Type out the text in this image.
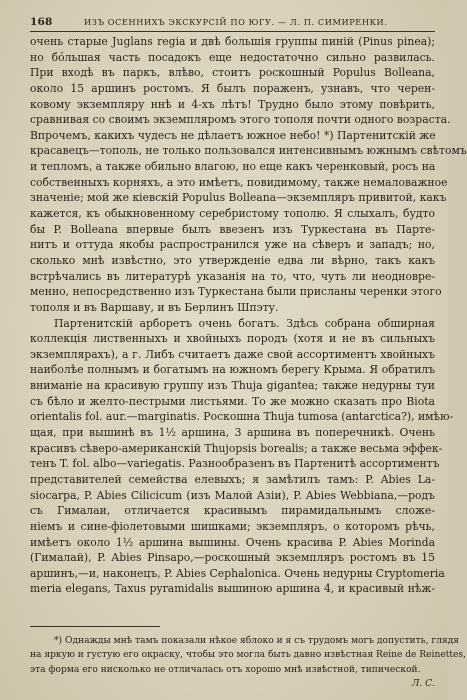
168	ИЗЪ ОСЕННИХЪ ЭКСКУРСІЙ ПО ЮГУ. — Л. П. СИМИРЕНКИ.
очень старые Juglans regia и двѣ большія группы пиній (Pinus pinea);
но бóльшая часть посадокъ еще недостаточно сильно развилась.
При входѣ въ паркъ, влѣво, стоитъ роскошный Populus Bolleana,
около 15 аршинъ ростомъ. Я былъ пораженъ, узнавъ, что черен-
ковому экземпляру ннѣ и 4-хъ лѣтъ! Трудно было этому повѣрить,
сравнивая со своимъ экземпляромъ этого тополя почти одного возраста.
Впрочемъ, какихъ чудесъ не дѣлаетъ южное небо! *) Партенитскій же
красавецъ—тополь, не только пользовался интенсивнымъ южнымъ свѣтомъ
и тепломъ, а также обильно влагою, но еще какъ черенковый, росъ на
собственныхъ корняхъ, а это имѣетъ, повидимому, также немаловажное
значеніе; мой же кіевскій Populus Bolleana—экземпляръ привитой, какъ
кажется, къ обыкновенному серебристому тополю. Я слыхалъ, будто
бы P. Bolleana впервые былъ ввезенъ изъ Туркестана въ Парте-
нитъ и оттуда якобы распространился уже на сѣверъ и западъ; но,
сколько мнѣ извѣстно, это утвержденіе едва ли вѣрно, такъ какъ
встрѣчались въ литературѣ указанія на то, что, чуть ли неодновре-
менно, непосредственно изъ Туркестана были присланы черенки этого
тополя и въ Варшаву, и въ Берлинъ Шпэту.
Партенитскій арборетъ очень богатъ. Здѣсь собрана обширная
коллекція лиственныхъ и хвойныхъ породъ (хотя и не въ сильныхъ
экземплярахъ), а г. Либъ считаетъ даже свой ассортиментъ хвойныхъ
наиболѣе полнымъ и богатымъ на южномъ берегу Крыма. Я обратилъ
вниманіе на красивую группу изъ Thuja gigantea; также недурны туи
съ бѣло и желто-пестрыми листьями. То же можно сказать про Biota
orientalis fol. aur.—marginatis. Роскошна Thuja tumosa (antarctica?), имѣю-
щая, при вышинѣ въ 1½ аршина, 3 аршина въ поперечникѣ. Очень
красивъ сѣверо-американскій Thujopsis borealis; а также весьма эффек-
тенъ T. fol. albo—variegatis. Разнообразенъ въ Партенитѣ ассортиментъ
представителей семейства елевыхъ; я замѣтилъ тамъ: P. Abies La-
siocarpa, P. Abies Cilicicum (изъ Малой Азіи), P. Abies Webbiana,—родъ
съ Гималаи, отличается красивымъ пирамидальнымъ сложе-
ніемъ и сине-фіолетовыми шишками; экземпляръ, о которомъ рѣчь,
имѣетъ около 1½ аршина вышины. Очень красива P. Abies Morinda
(Гималай), P. Abies Pinsapo,—роскошный экземпляръ ростомъ въ 15
аршинъ,—и, наконецъ, P. Abies Cephalonica. Очень недурны Cryptomeria
meria elegans, Taxus pyramidalis вышиною аршина 4, и красивый нѣж-
*) Однажды мнѣ тамъ показали нѣкое яблоко и я съ трудомъ могъ допустить, глядя
на яркую и густую его окраску, чтобы это могла быть давно извѣстная Reine de Reinettes,
эта форма его нисколько не отличалась отъ хорошо мнѣ извѣстной, типической.
Л. С.
